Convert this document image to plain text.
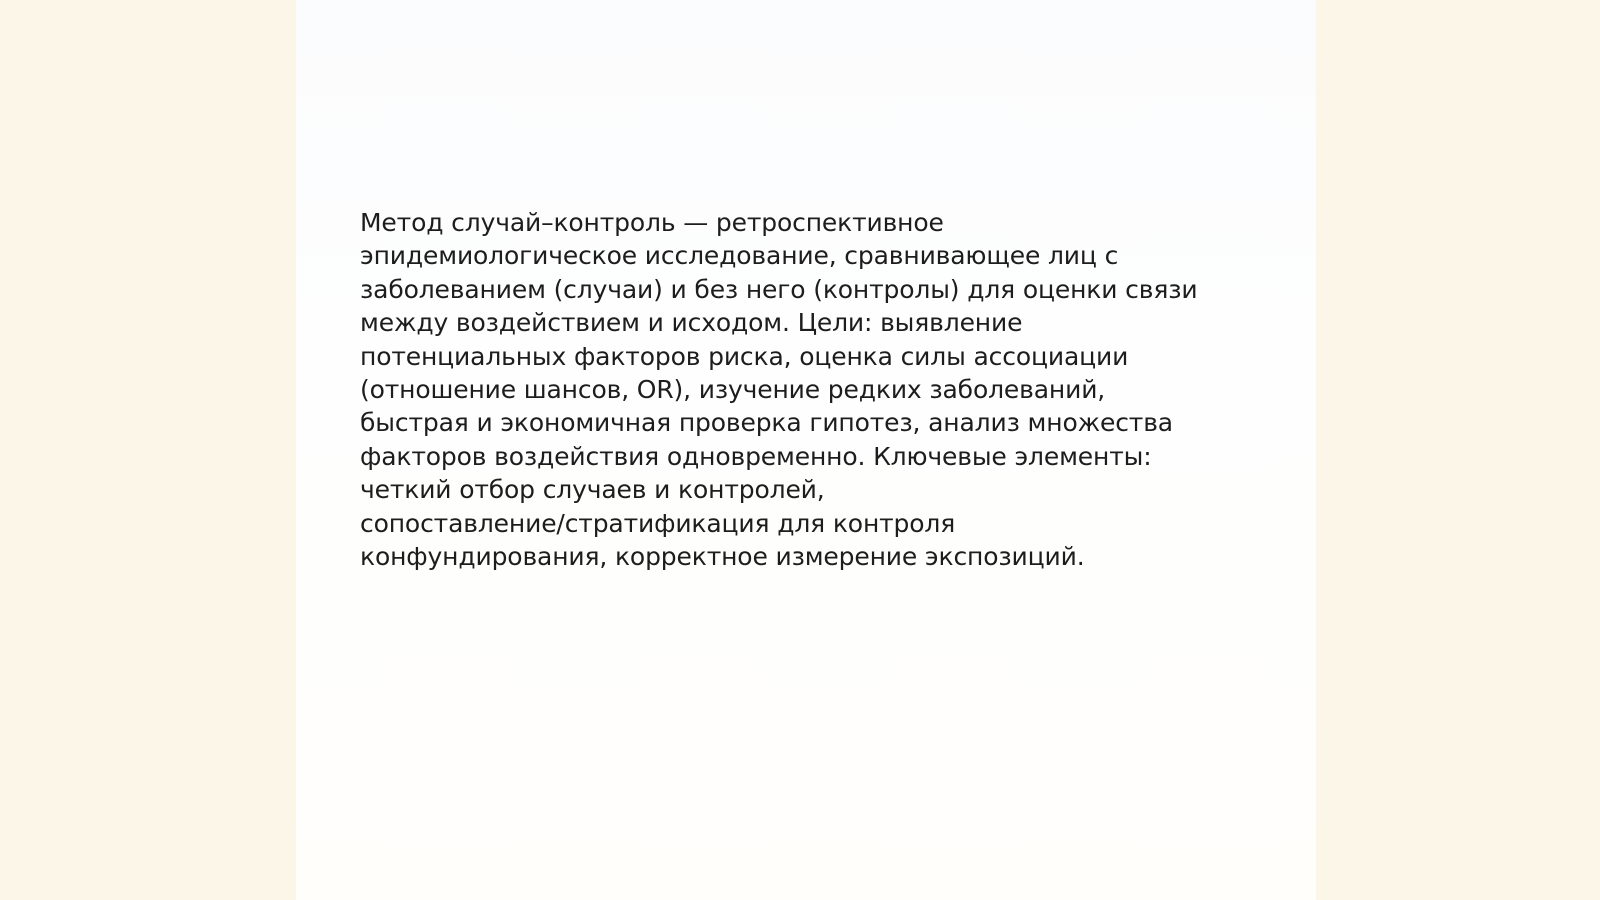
Метод случай–контроль — ретроспективное
эпидемиологическое исследование, сравнивающее лиц с
заболеванием (случаи) и без него (контролы) для оценки связи
между воздействием и исходом. Цели: выявление
потенциальных факторов риска, оценка силы ассоциации
(отношение шансов, OR), изучение редких заболеваний,
быстрая и экономичная проверка гипотез, анализ множества
факторов воздействия одновременно. Ключевые элементы:
четкий отбор случаев и контролей,
сопоставление/стратификация для контроля
конфундирования, корректное измерение экспозиций.
